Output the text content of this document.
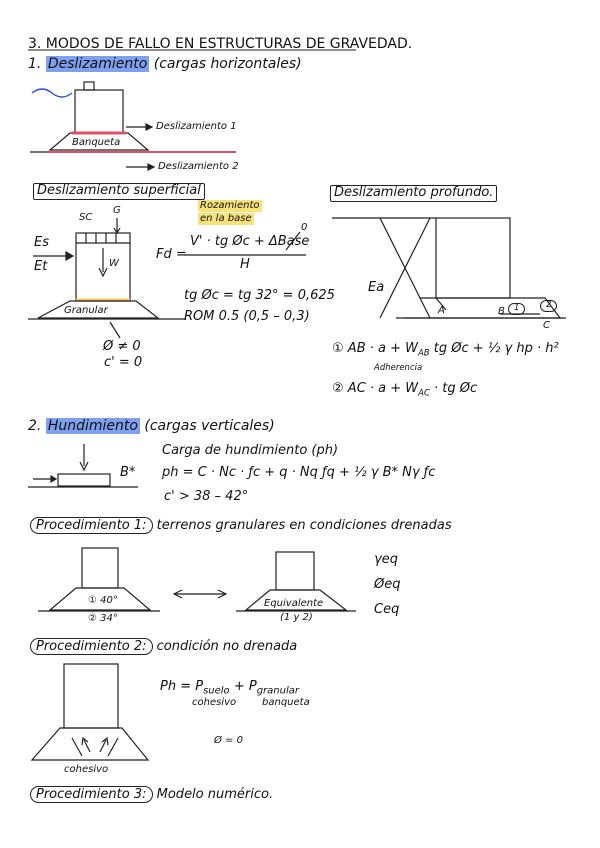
3. MODOS DE FALLO EN ESTRUCTURAS DE GRAVEDAD.
1. Deslizamiento (cargas horizontales)
Banqueta
Deslizamiento 1
Deslizamiento 2
Deslizamiento superficial
SC
G
W
Es
Et
Granular
Rozamiento
en la base
Fd =
V' · tg Øc + ΔBase
0
H
tg Øc = tg 32° = 0,625
ROM 0.5 (0,5 – 0,3)
Ø ≠ 0
c' = 0
Deslizamiento profundo.
Ea
A	B
C
1	2
① AB · $a + W_{AB}$ tg Øc + ½ γ hp · h²
Adherencia
② AC · $a + W_{AC}$ · tg Øc
2. Hundimiento (cargas verticales)
B*
Carga de hundimiento (ph)
ph = C · Nc · ƒc + q · Nq ƒq + ½ γ B* Nγ ƒc
c' > 38 – 42°
Procedimiento 1: terrenos granulares en condiciones drenadas
① 40°
② 34°
Equivalente
(1 y 2)
γeq
Øeq
Ceq
Procedimiento 2: condición no drenada
$Ph = P_{suelo} + P_{granular}$
cohesivo	banqueta
Ø = 0
cohesivo
Procedimiento 3: Modelo numérico.
